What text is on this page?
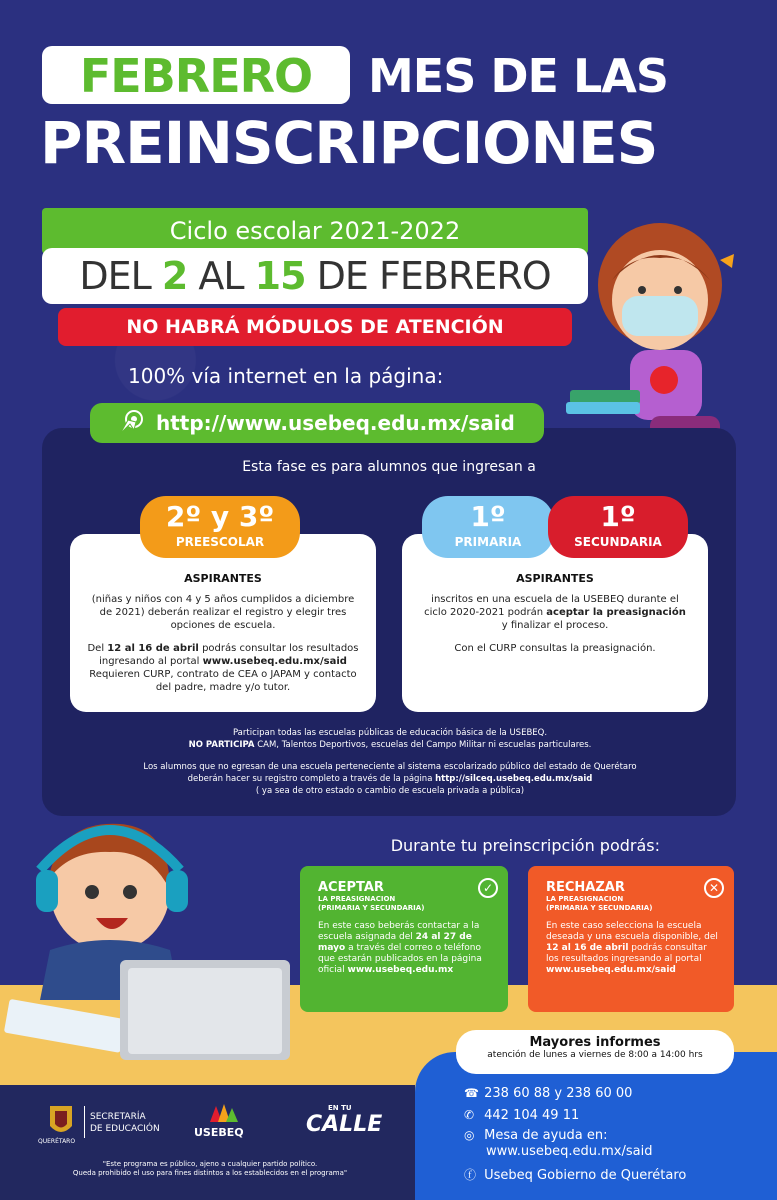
FEBRERO	MES DE LAS
PREINSCRIPCIONES
Ciclo escolar 2021-2022
DEL 2 AL 15 DE FEBRERO
NO HABRÁ MÓDULOS DE ATENCIÓN
100% vía internet en la página:
http://www.usebeq.edu.mx/said
Esta fase es para alumnos que ingresan a
ASPIRANTES
(niñas y niños con 4 y 5 años cumplidos a diciembre de 2021) deberán realizar el registro y elegir tres opciones de escuela.
Del 12 al 16 de abril podrás consultar los resultados ingresando al portal www.usebeq.edu.mx/said Requieren CURP, contrato de CEA o JAPAM y contacto del padre, madre y/o tutor.
ASPIRANTES
inscritos en una escuela de la USEBEQ durante el ciclo 2020-2021 podrán aceptar la preasignación y finalizar el proceso.
Con el CURP consultas la preasignación.
2º y 3º
PREESCOLAR
1º
PRIMARIA
1º
SECUNDARIA
Participan todas las escuelas públicas de educación básica de la USEBEQ.
NO PARTICIPA CAM, Talentos Deportivos, escuelas del Campo Militar ni escuelas particulares.
Los alumnos que no egresan de una escuela perteneciente al sistema escolarizado público del estado de Querétaro
deberán hacer su registro completo a través de la página http://silceq.usebeq.edu.mx/said
( ya sea de otro estado o cambio de escuela privada a pública)
Durante tu preinscripción podrás:
ACEPTAR
LA PREASIGNACION
(PRIMARIA Y SECUNDARIA)
En este caso beberás contactar a la escuela asignada del 24 al 27 de mayo a través del correo o teléfono que estarán publicados en la página oficial www.usebeq.edu.mx
✓	RECHAZAR
LA PREASIGNACION
(PRIMARIA Y SECUNDARIA)
En este caso selecciona la escuela deseada y una escuela disponible, del 12 al 16 de abril podrás consultar los resultados ingresando al portal www.usebeq.edu.mx/said
✕
Mayores informes
atención de lunes a viernes de 8:00 a 14:00 hrs
☎ 238 60 88 y 238 60 00
✆ 442 104 49 11
◎ Mesa de ayuda en:
www.usebeq.edu.mx/said
ⓕ Usebeq Gobierno de Querétaro
QUERÉTARO
SECRETARÍA
DE EDUCACIÓN	USEBEQ
EN TU
CALLE
"Este programa es público, ajeno a cualquier partido político.
Queda prohibido el uso para fines distintos a los establecidos en el programa"
